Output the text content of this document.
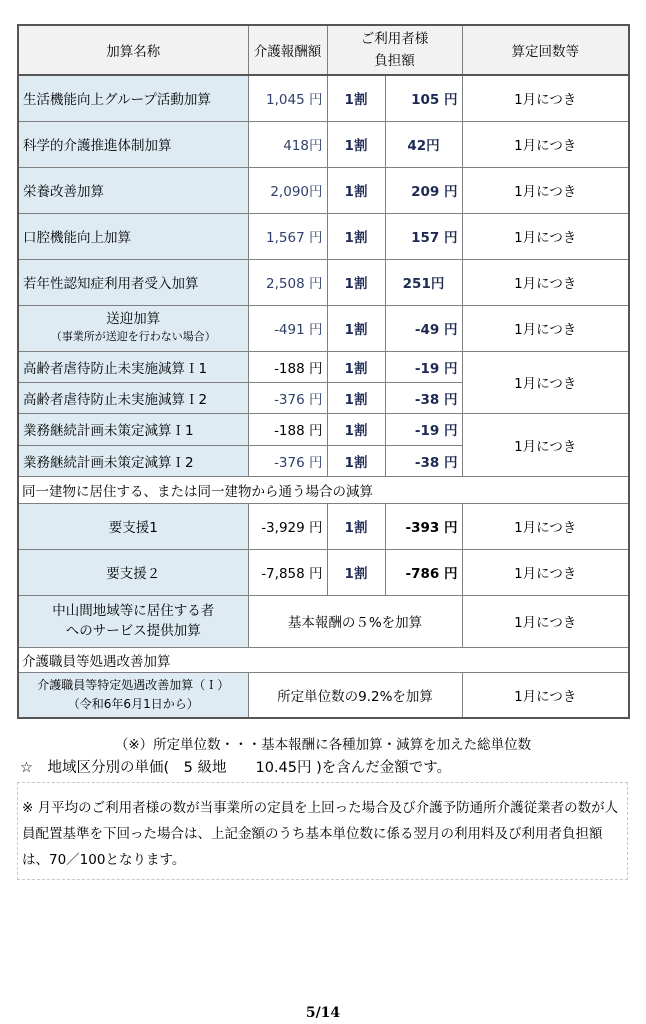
加算名称	介護報酬額	ご利用者様
負担額		算定回数等
生活機能向上グループ活動加算	1,045 円	1割	105 円	1月につき
科学的介護推進体制加算	418円	1割	42円	1月につき
栄養改善加算	2,090円	1割	209 円	1月につき
口腔機能向上加算	1,567 円	1割	157 円	1月につき
若年性認知症利用者受入加算	2,508 円	1割	251円	1月につき

送迎加算
（事業所が送迎を行わない場合）	-491 円	1割	-49 円	1月につき
高齢者虐待防止未実施減算Ｉ1	-188 円	1割	-19 円	1月につき
高齢者虐待防止未実施減算Ｉ2	-376 円	1割	-38 円	
業務継続計画未策定減算Ｉ1	-188 円	1割	-19 円	1月につき
業務継続計画未策定減算Ｉ2	-376 円	1割	-38 円	
同一建物に居住する、または同一建物から通う場合の減算				
要支援1	-3,929 円	1割	-393 円	1月につき
要支援２	-7,858 円	1割	-786 円	1月につき

中山間地域等に居住する者
へのサービス提供加算	基本報酬の５%を加算			1月につき
介護職員等処遇改善加算				

介護職員等特定処遇改善加算（Ｉ）
（令和6年6月1日から）	所定単位数の9.2%を加算			1月につき
（※）所定単位数・・・基本報酬に各種加算・減算を加えた総単位数
☆　地域区分別の単価(　5 級地　　10.45円 )を含んだ金額です。
※ 月平均のご利用者様の数が当事業所の定員を上回った場合及び介護予防通所介護従業者の数が人員配置基準を下回った場合は、上記金額のうち基本単位数に係る翌月の利用料及び利用者負担額は、70／100となります。
5/14
